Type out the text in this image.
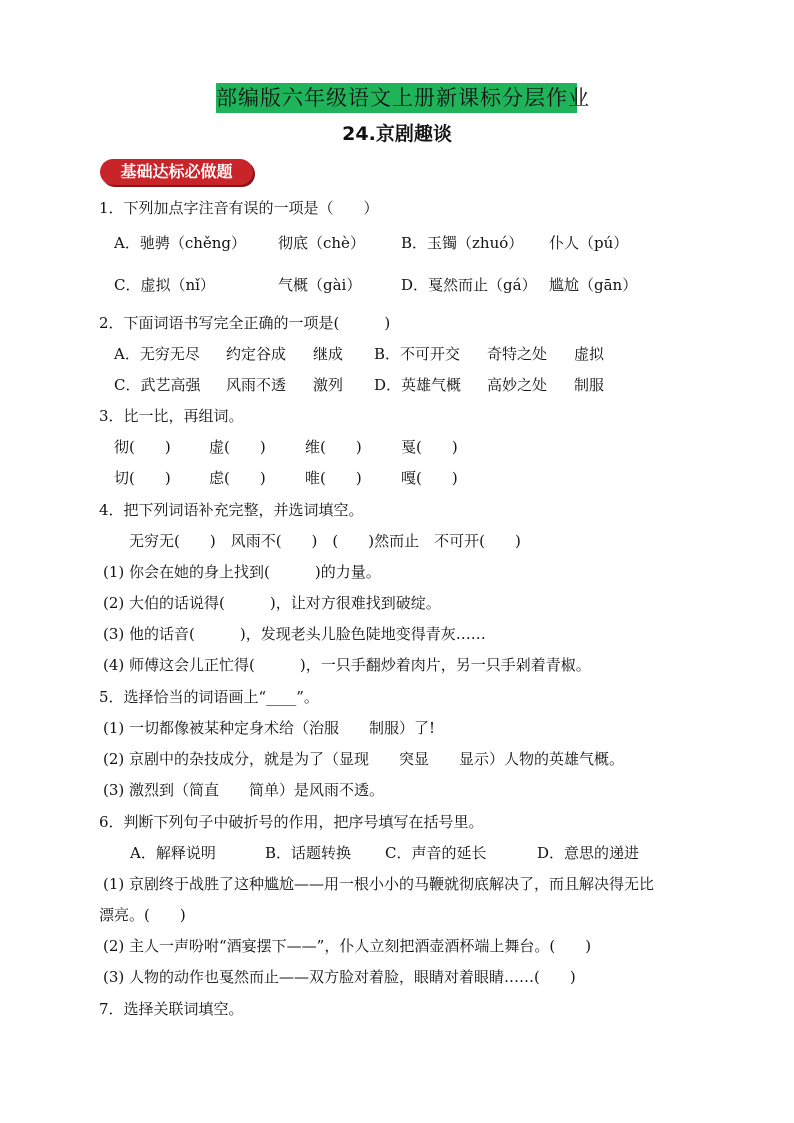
部编版六年级语文上册新课标分层作业
24.京剧趣谈
基础达标必做题
1．下列加点字注音有误的一项是（　　）
A．驰骋（chěng） 彻底（chè） B．玉镯（zhuó） 仆人（pú）
C．虚拟（nǐ）	气概（gài）	D．戛然而止（gá） 尴尬（gān）
2．下面词语书写完全正确的一项是(　　　)
A．无穷无尽 约定谷成 继成 B．不可开交 奇特之处 虚拟
C．武艺高强 风雨不透 激列 D．英雄气概 高妙之处 制服
3．比一比，再组词。
彻(　　)	虚(　　)	维(　　)	戛(　　)
切(　　)	虑(　　)	唯(　　)	嘎(　　)
4．把下列词语补充完整，并选词填空。
无穷无(　　)　风雨不(　　)　(　　)然而止　不可开(　　)
(1) 你会在她的身上找到(　　　)的力量。
(2) 大伯的话说得(　　　)，让对方很难找到破绽。
(3) 他的话音(　　　)，发现老头儿脸色陡地变得青灰……
(4) 师傅这会儿正忙得(　　　)，一只手翻炒着肉片，另一只手剁着青椒。
5．选择恰当的词语画上“____”。
(1) 一切都像被某种定身术给（治服　　制服）了!
(2) 京剧中的杂技成分，就是为了（显现　　突显　　显示）人物的英雄气概。
(3) 激烈到（简直　　简单）是风雨不透。
6．判断下列句子中破折号的作用，把序号填写在括号里。
A．解释说明	B．话题转换 C．声音的延长	D．意思的递进
(1) 京剧终于战胜了这种尴尬——用一根小小的马鞭就彻底解决了，而且解决得无比
漂亮。(　　)
(2) 主人一声吩咐“酒宴摆下——”，仆人立刻把酒壶酒杯端上舞台。(　　)
(3) 人物的动作也戛然而止——双方脸对着脸，眼睛对着眼睛……(　　)
7．选择关联词填空。
